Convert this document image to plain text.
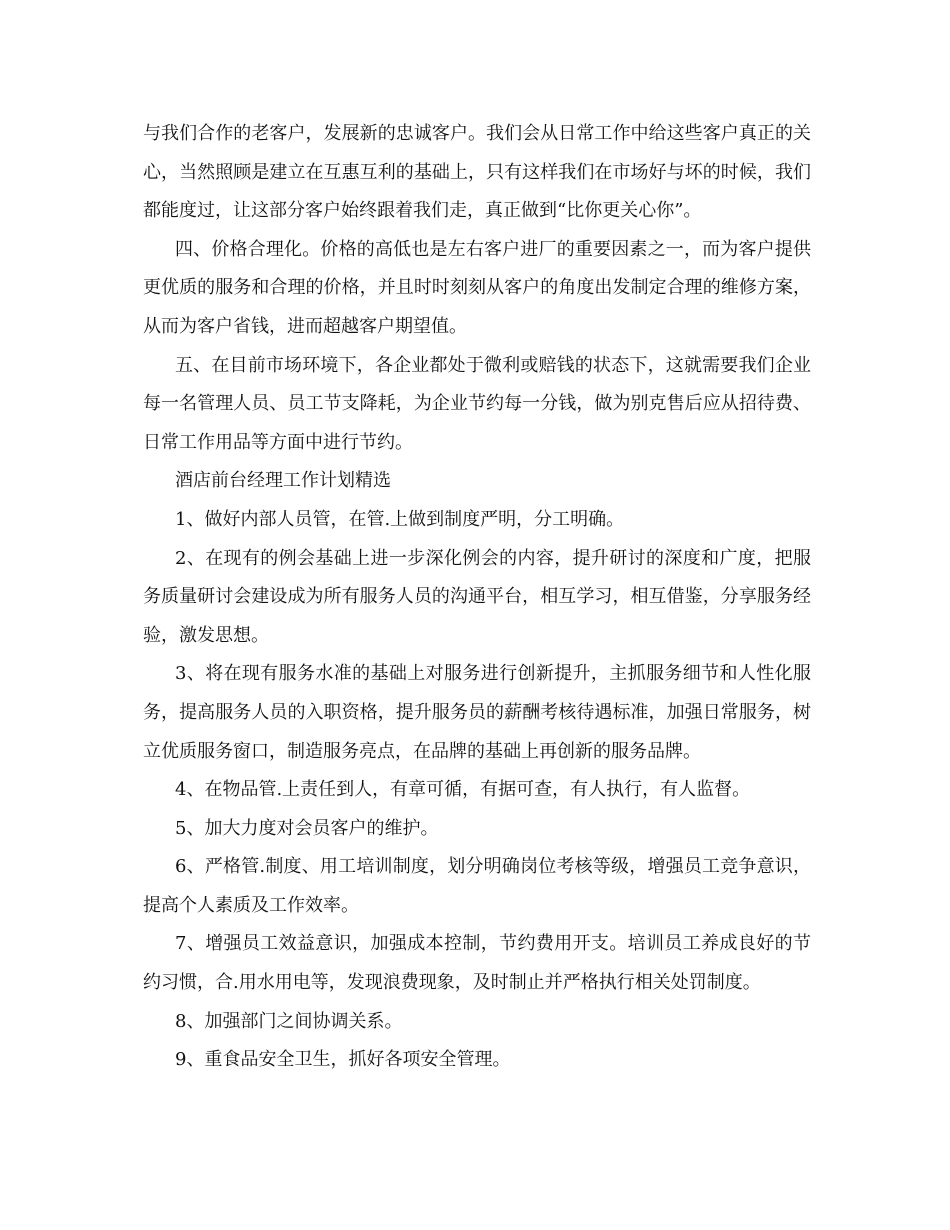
与我们合作的老客户，发展新的忠诚客户。我们会从日常工作中给这些客户真正的关心，当然照顾是建立在互惠互利的基础上，只有这样我们在市场好与坏的时候，我们都能度过，让这部分客户始终跟着我们走，真正做到“比你更关心你”。

四、价格合理化。价格的高低也是左右客户进厂的重要因素之一，而为客户提供更优质的服务和合理的价格，并且时时刻刻从客户的角度出发制定合理的维修方案，从而为客户省钱，进而超越客户期望值。

五、在目前市场环境下，各企业都处于微利或赔钱的状态下，这就需要我们企业每一名管理人员、员工节支降耗，为企业节约每一分钱，做为别克售后应从招待费、日常工作用品等方面中进行节约。

酒店前台经理工作计划精选

1、做好内部人员管，在管.上做到制度严明，分工明确。

2、在现有的例会基础上进一步深化例会的内容，提升研讨的深度和广度，把服务质量研讨会建设成为所有服务人员的沟通平台，相互学习，相互借鉴，分享服务经验，激发思想。

3、将在现有服务水准的基础上对服务进行创新提升，主抓服务细节和人性化服务，提高服务人员的入职资格，提升服务员的薪酬考核待遇标准，加强日常服务，树立优质服务窗口，制造服务亮点，在品牌的基础上再创新的服务品牌。

4、在物品管.上责任到人，有章可循，有据可查，有人执行，有人监督。

5、加大力度对会员客户的维护。

6、严格管.制度、用工培训制度，划分明确岗位考核等级，增强员工竞争意识，提高个人素质及工作效率。

7、增强员工效益意识，加强成本控制，节约费用开支。培训员工养成良好的节约习惯，合.用水用电等，发现浪费现象，及时制止并严格执行相关处罚制度。

8、加强部门之间协调关系。

9、重食品安全卫生，抓好各项安全管理。
